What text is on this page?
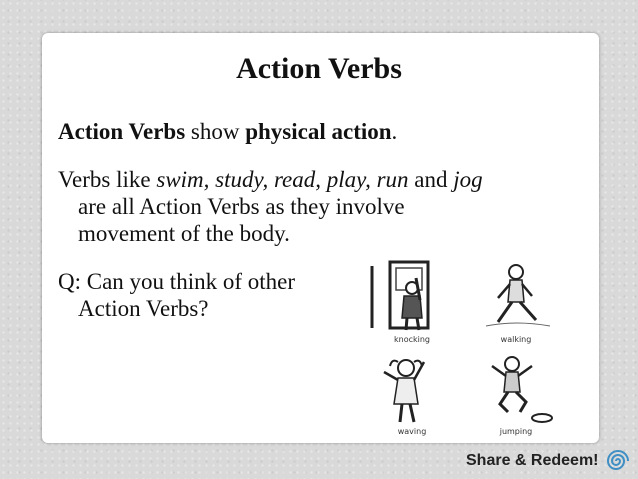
Action Verbs

Action Verbs show physical action.

Verbs like swim, study, read, play, run and jog
are all Action Verbs as they involve
movement of the body.

Q: Can you think of other
Action Verbs?

knocking	walking
waving	jumping
Share & Redeem!
